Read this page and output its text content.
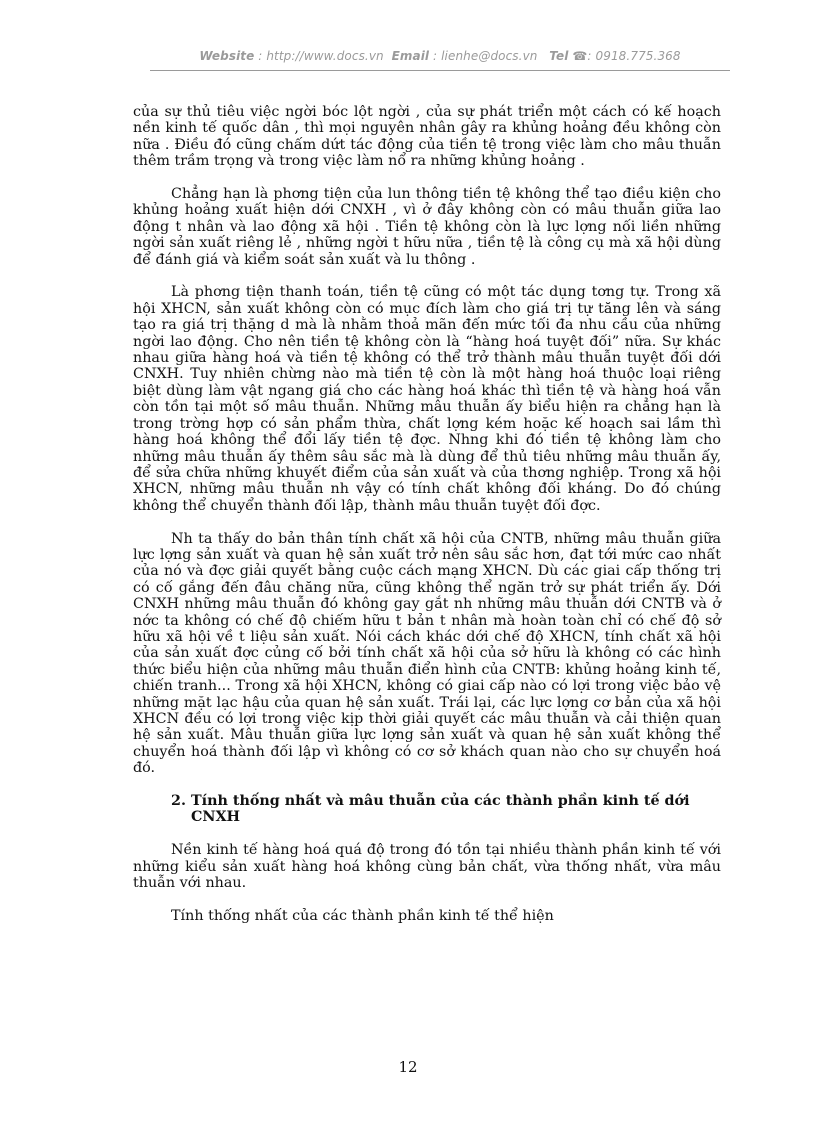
Website : http://www.docs.vn Email : lienhe@docs.vn Tel ☎: 0918.775.368

của sự thủ tiêu việc ngời bóc lột ngời , của sự phát triển một cách có kế hoạch nền kinh tế quốc dân , thì mọi nguyên nhân gây ra khủng hoảng đều không còn nữa . Điều đó cũng chấm dứt tác động của tiền tệ trong việc làm cho mâu thuẫn thêm trầm trọng và trong việc làm nổ ra những khủng hoảng .

Chẳng hạn là phơng tiện của lun thông tiền tệ không thể tạo điều kiện cho khủng hoảng xuất hiện dới CNXH , vì ở đây không còn có mâu thuẫn giữa lao động t nhân và lao động xã hội . Tiền tệ không còn là lực lợng nối liền những ngời sản xuất riêng lẻ , những ngời t hữu nữa , tiền tệ là công cụ mà xã hội dùng để đánh giá và kiểm soát sản xuất và lu thông .

Là phơng tiện thanh toán, tiền tệ cũng có một tác dụng tơng tự. Trong xã hội XHCN, sản xuất không còn có mục đích làm cho giá trị tự tăng lên và sáng tạo ra giá trị thặng d mà là nhằm thoả mãn đến mức tối đa nhu cầu của những ngời lao động. Cho nên tiền tệ không còn là “hàng hoá tuyệt đối” nữa. Sự khác nhau giữa hàng hoá và tiền tệ không có thể trở thành mâu thuẫn tuyệt đối dới CNXH. Tuy nhiên chừng nào mà tiền tệ còn là một hàng hoá thuộc loại riêng biệt dùng làm vật ngang giá cho các hàng hoá khác thì tiền tệ và hàng hoá vẫn còn tồn tại một số mâu thuẫn. Những mâu thuẫn ấy biểu hiện ra chẳng hạn là trong trờng hợp có sản phẩm thừa, chất lợng kém hoặc kế hoạch sai lầm thì hàng hoá không thể đổi lấy tiền tệ đợc. Nhng khi đó tiền tệ không làm cho những mâu thuẫn ấy thêm sâu sắc mà là dùng để thủ tiêu những mâu thuẫn ấy, để sửa chữa những khuyết điểm của sản xuất và của thơng nghiệp. Trong xã hội XHCN, những mâu thuẫn nh vậy có tính chất không đối kháng. Do đó chúng không thể chuyển thành đối lập, thành mâu thuẫn tuyệt đối đợc.

Nh ta thấy do bản thân tính chất xã hội của CNTB, những mâu thuẫn giữa lực lợng sản xuất và quan hệ sản xuất trở nên sâu sắc hơn, đạt tới mức cao nhất của nó và đợc giải quyết bằng cuộc cách mạng XHCN. Dù các giai cấp thống trị có cố gắng đến đâu chăng nữa, cũng không thể ngăn trở sự phát triển ấy. Dới CNXH những mâu thuẫn đó không gay gắt nh những mâu thuẫn dới CNTB và ở nớc ta không có chế độ chiếm hữu t bản t nhân mà hoàn toàn chỉ có chế độ sở hữu xã hội về t liệu sản xuất. Nói cách khác dới chế độ XHCN, tính chất xã hội của sản xuất đợc củng cố bởi tính chất xã hội của sở hữu là không có các hình thức biểu hiện của những mâu thuẫn điển hình của CNTB: khủng hoảng kinh tế, chiến tranh... Trong xã hội XHCN, không có giai cấp nào có lợi trong việc bảo vệ những mặt lạc hậu của quan hệ sản xuất. Trái lại, các lực lợng cơ bản của xã hội XHCN đều có lợi trong việc kịp thời giải quyết các mâu thuẫn và cải thiện quan hệ sản xuất. Mâu thuẫn giữa lực lợng sản xuất và quan hệ sản xuất không thể chuyển hoá thành đối lập vì không có cơ sở khách quan nào cho sự chuyển hoá đó.

2. Tính thống nhất và mâu thuẫn của các thành phần kinh tế dới
CNXH

Nền kinh tế hàng hoá quá độ trong đó tồn tại nhiều thành phần kinh tế với những kiểu sản xuất hàng hoá không cùng bản chất, vừa thống nhất, vừa mâu thuẫn với nhau.

Tính thống nhất của các thành phần kinh tế thể hiện

12
